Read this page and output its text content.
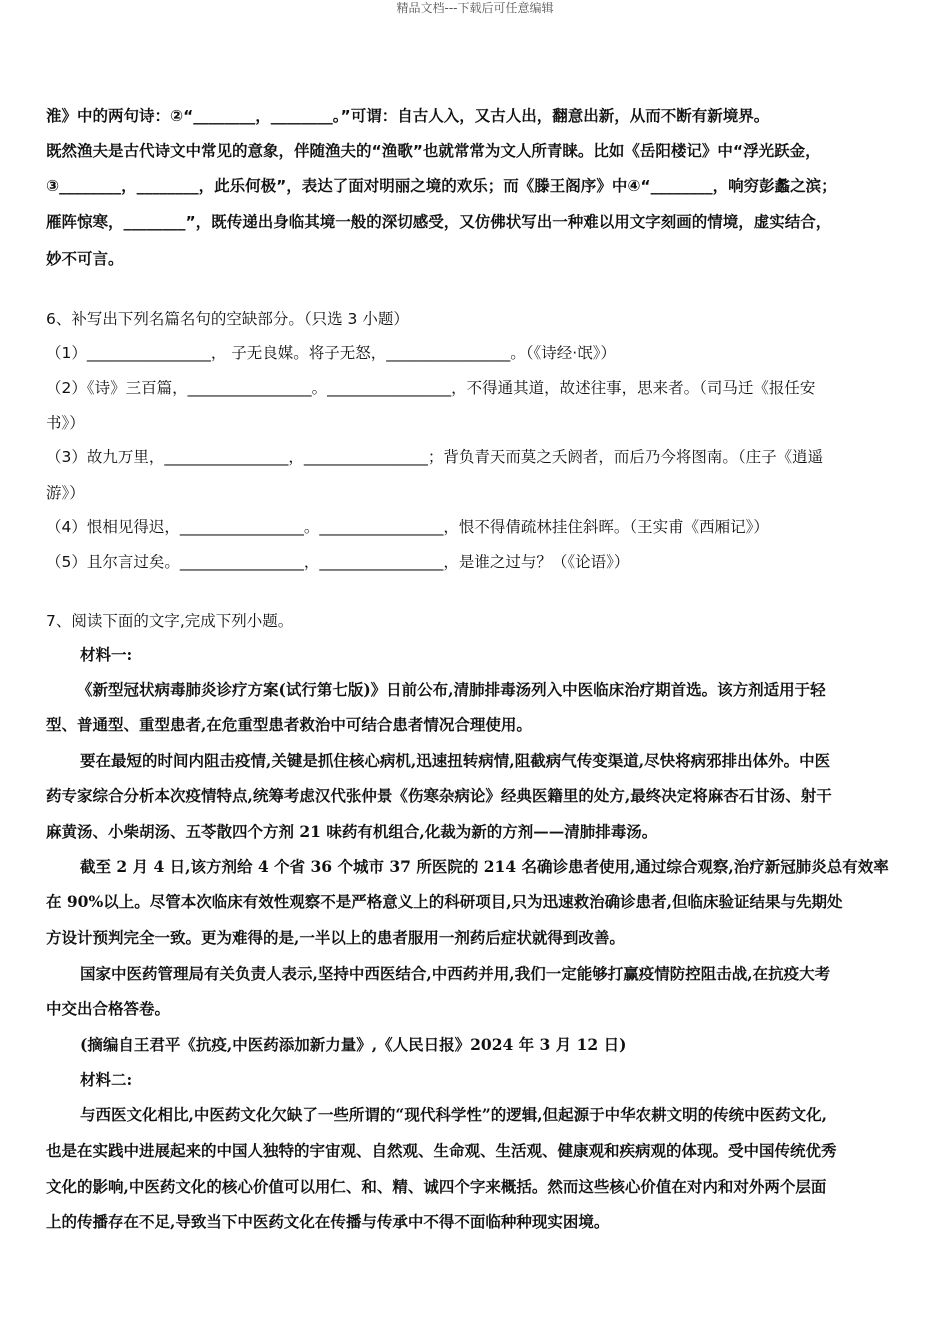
精品文档---下载后可任意编辑
淮》中的两句诗：②“________，________。”可谓：自古人入，又古人出，翻意出新，从而不断有新境界。
既然渔夫是古代诗文中常见的意象，伴随渔夫的“渔歌”也就常常为文人所青睐。比如《岳阳楼记》中“浮光跃金，
③________，________，此乐何极”，表达了面对明丽之境的欢乐；而《滕王阁序》中④“________，响穷彭蠡之滨；
雁阵惊寒，________”，既传递出身临其境一般的深切感受，又仿佛状写出一种难以用文字刻画的情境，虚实结合，
妙不可言。
6、补写出下列名篇名句的空缺部分。（只选 3 小题）
（1）________________， 子无良媒。将子无怒，________________。（《诗经·氓》）
（2）《诗》三百篇，________________。________________，不得通其道，故述往事，思来者。（司马迁《报任安
书》）
（3）故九万里，________________，________________；背负青天而莫之夭阏者，而后乃今将图南。（庄子《逍遥
游》）
（4）恨相见得迟，________________。________________，恨不得倩疏林挂住斜晖。（王实甫《西厢记》）
（5）且尔言过矣。________________，________________，是谁之过与？（《论语》）
7、阅读下面的文字,完成下列小题。
材料一:
《新型冠状病毒肺炎诊疗方案(试行第七版)》日前公布,清肺排毒汤列入中医临床治疗期首选。该方剂适用于轻
型、普通型、重型患者,在危重型患者救治中可结合患者情况合理使用。
要在最短的时间内阻击疫情,关键是抓住核心病机,迅速扭转病情,阻截病气传变渠道,尽快将病邪排出体外。中医
药专家综合分析本次疫情特点,统筹考虑汉代张仲景《伤寒杂病论》经典医籍里的处方,最终决定将麻杏石甘汤、射干
麻黄汤、小柴胡汤、五苓散四个方剂 21 味药有机组合,化裁为新的方剂——清肺排毒汤。
截至 2 月 4 日,该方剂给 4 个省 36 个城市 37 所医院的 214 名确诊患者使用,通过综合观察,治疗新冠肺炎总有效率
在 90%以上。尽管本次临床有效性观察不是严格意义上的科研项目,只为迅速救治确诊患者,但临床验证结果与先期处
方设计预判完全一致。更为难得的是,一半以上的患者服用一剂药后症状就得到改善。
国家中医药管理局有关负责人表示,坚持中西医结合,中西药并用,我们一定能够打赢疫情防控阻击战,在抗疫大考
中交出合格答卷。
(摘编自王君平《抗疫,中医药添加新力量》,《人民日报》2024 年 3 月 12 日)
材料二:
与西医文化相比,中医药文化欠缺了一些所谓的“现代科学性”的逻辑,但起源于中华农耕文明的传统中医药文化,
也是在实践中进展起来的中国人独特的宇宙观、自然观、生命观、生活观、健康观和疾病观的体现。受中国传统优秀
文化的影响,中医药文化的核心价值可以用仁、和、精、诚四个字来概括。然而这些核心价值在对内和对外两个层面
上的传播存在不足,导致当下中医药文化在传播与传承中不得不面临种种现实困境。
